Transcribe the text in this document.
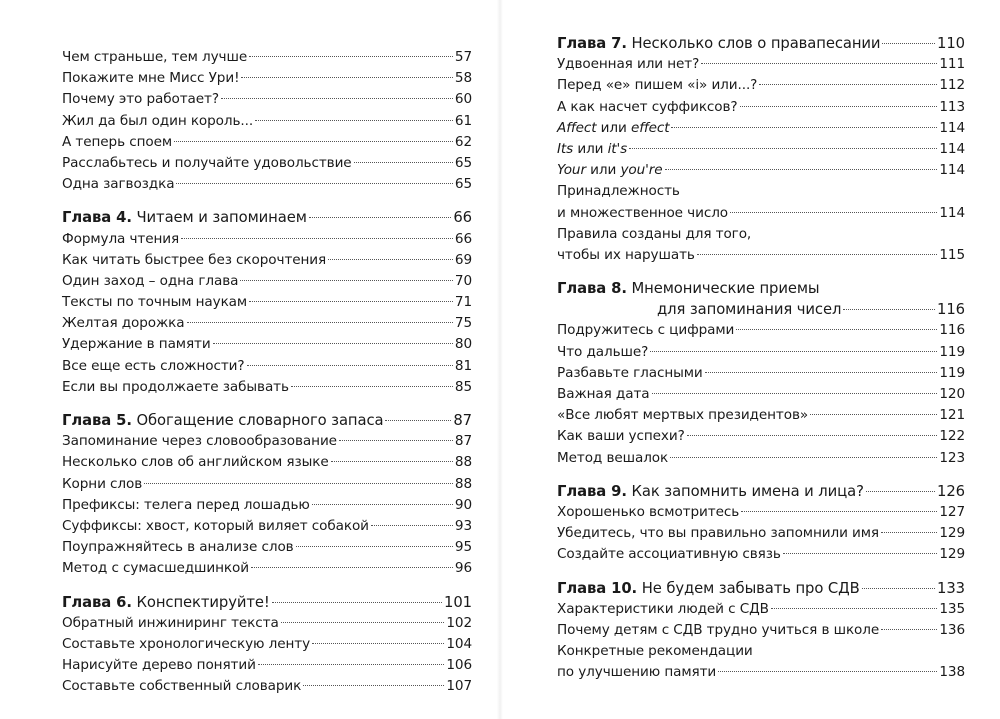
Чем страньше, тем лучше	57
Покажите мне Мисс Ури!	58
Почему это работает?	60
Жил да был один король...	61
А теперь споем	62
Расслабьтесь и получайте удовольствие	65
Одна загвоздка	65
Глава 4. Читаем и запоминаем	66
Формула чтения	66
Как читать быстрее без скорочтения	69
Один заход – одна глава	70
Тексты по точным наукам	71
Желтая дорожка	75
Удержание в памяти	80
Все еще есть сложности?	81
Если вы продолжаете забывать	85
Глава 5. Обогащение словарного запаса	87
Запоминание через словообразование	87
Несколько слов об английском языке	88
Корни слов	88
Префиксы: телега перед лошадью	90
Суффиксы: хвост, который виляет собакой	93
Поупражняйтесь в анализе слов	95
Метод с сумасшедшинкой	96
Глава 6. Конспектируйте!	101
Обратный инжиниринг текста	102
Составьте хронологическую ленту	104
Нарисуйте дерево понятий	106
Составьте собственный словарик	107
Глава 7. Несколько слов о правапесании	110
Удвоенная или нет?	111
Перед «e» пишем «i» или...?	112
А как насчет суффиксов?	113
Affect или effect	114
Its или it's	114
Your или you're	114
Принадлежность
и множественное число	114
Правила созданы для того,
чтобы их нарушать	115
Глава 8. Мнемонические приемы
для запоминания чисел	116
Подружитесь с цифрами	116
Что дальше?	119
Разбавьте гласными	119
Важная дата	120
«Все любят мертвых президентов»	121
Как ваши успехи?	122
Метод вешалок	123
Глава 9. Как запомнить имена и лица?	126
Хорошенько всмотритесь	127
Убедитесь, что вы правильно запомнили имя	129
Создайте ассоциативную связь	129
Глава 10. Не будем забывать про СДВ	133
Характеристики людей с СДВ	135
Почему детям с СДВ трудно учиться в школе	136
Конкретные рекомендации
по улучшению памяти	138
